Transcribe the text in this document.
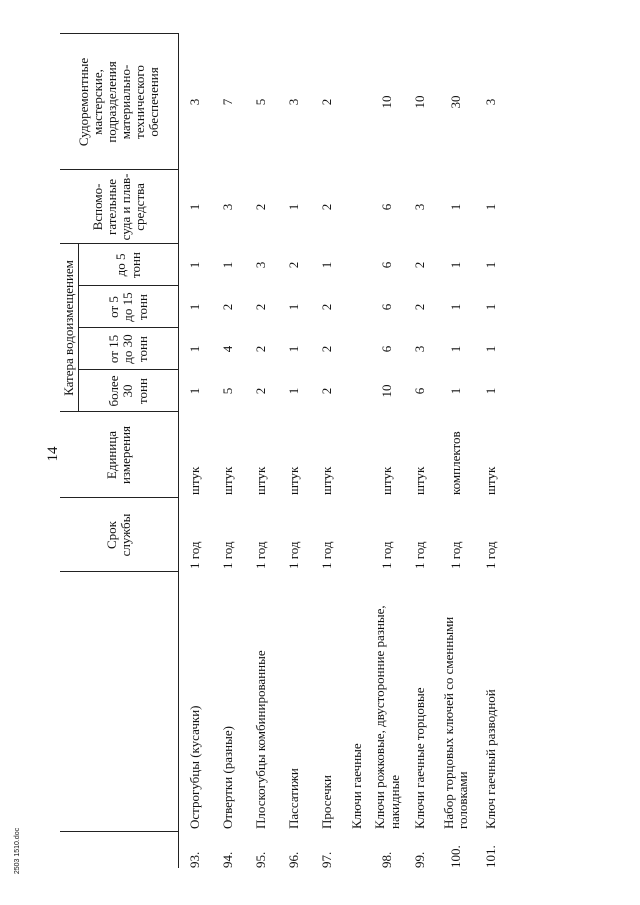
14
2503 1510.doc
		Срок службы	Единица измерения	Катера водоизмещением				Вспомо-гательные суда и плав-средства	Судоремонтные мастерские, подразделения материально-технического обеспечения
				более 30 тонн	от 15 до 30 тонн	от 5 до 15 тонн	до 5 тонн		
93.	Острогубцы (кусачки)	1 год	штук	1	1	1	1	1	3
94.	Отвертки (разные)	1 год	штук	5	4	2	1	3	7
95.	Плоскогубцы комбинированные	1 год	штук	2	2	2	3	2	5
96.	Пассатижи	1 год	штук	1	1	1	2	1	3
97.	Просечки	1 год	штук	2	2	2	1	2	2
	Ключи гаечные								
98.	Ключи рожковые, двусторонние разные, накидные	1 год	штук	10	6	6	6	6	10
99.	Ключи гаечные торцовые	1 год	штук	6	3	2	2	3	10
100.	Набор торцовых ключей со сменными головками	1 год	комплектов	1	1	1	1	1	30
101.	Ключ гаечный разводной	1 год	штук	1	1	1	1	1	3
